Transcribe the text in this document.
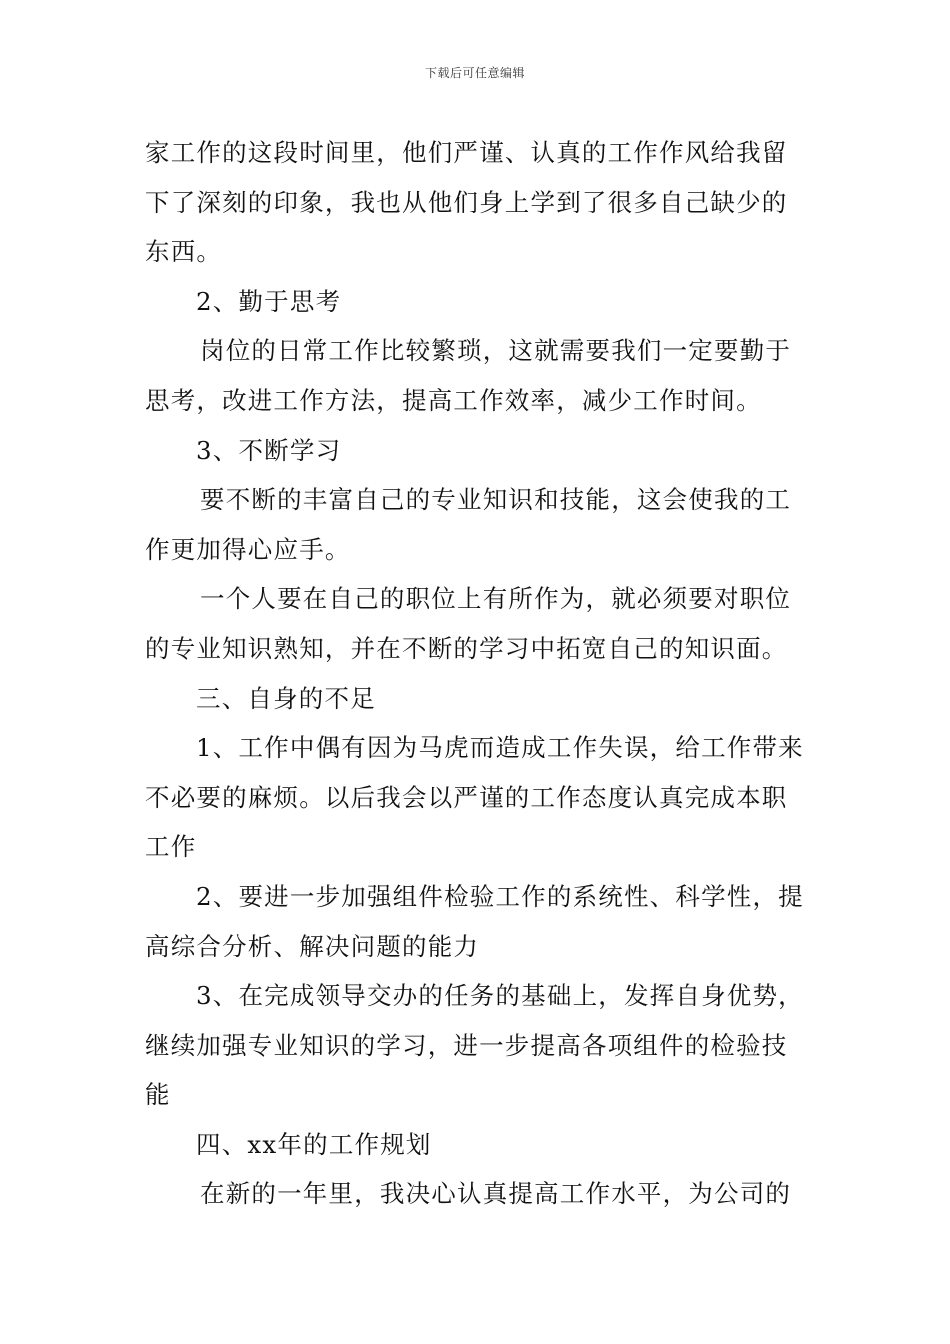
下载后可任意编辑

家工作的这段时间里，他们严谨、认真的工作作风给我留下了深刻的印象，我也从他们身上学到了很多自己缺少的东西。

2、勤于思考

岗位的日常工作比较繁琐，这就需要我们一定要勤于思考，改进工作方法，提高工作效率，减少工作时间。

3、不断学习

要不断的丰富自己的专业知识和技能，这会使我的工作更加得心应手。

一个人要在自己的职位上有所作为，就必须要对职位的专业知识熟知，并在不断的学习中拓宽自己的知识面。

三、自身的不足

1、工作中偶有因为马虎而造成工作失误，给工作带来不必要的麻烦。以后我会以严谨的工作态度认真完成本职工作

2、要进一步加强组件检验工作的系统性、科学性，提高综合分析、解决问题的能力

3、在完成领导交办的任务的基础上，发挥自身优势，继续加强专业知识的学习，进一步提高各项组件的检验技能

四、xx年的工作规划

在新的一年里，我决心认真提高工作水平，为公司的
